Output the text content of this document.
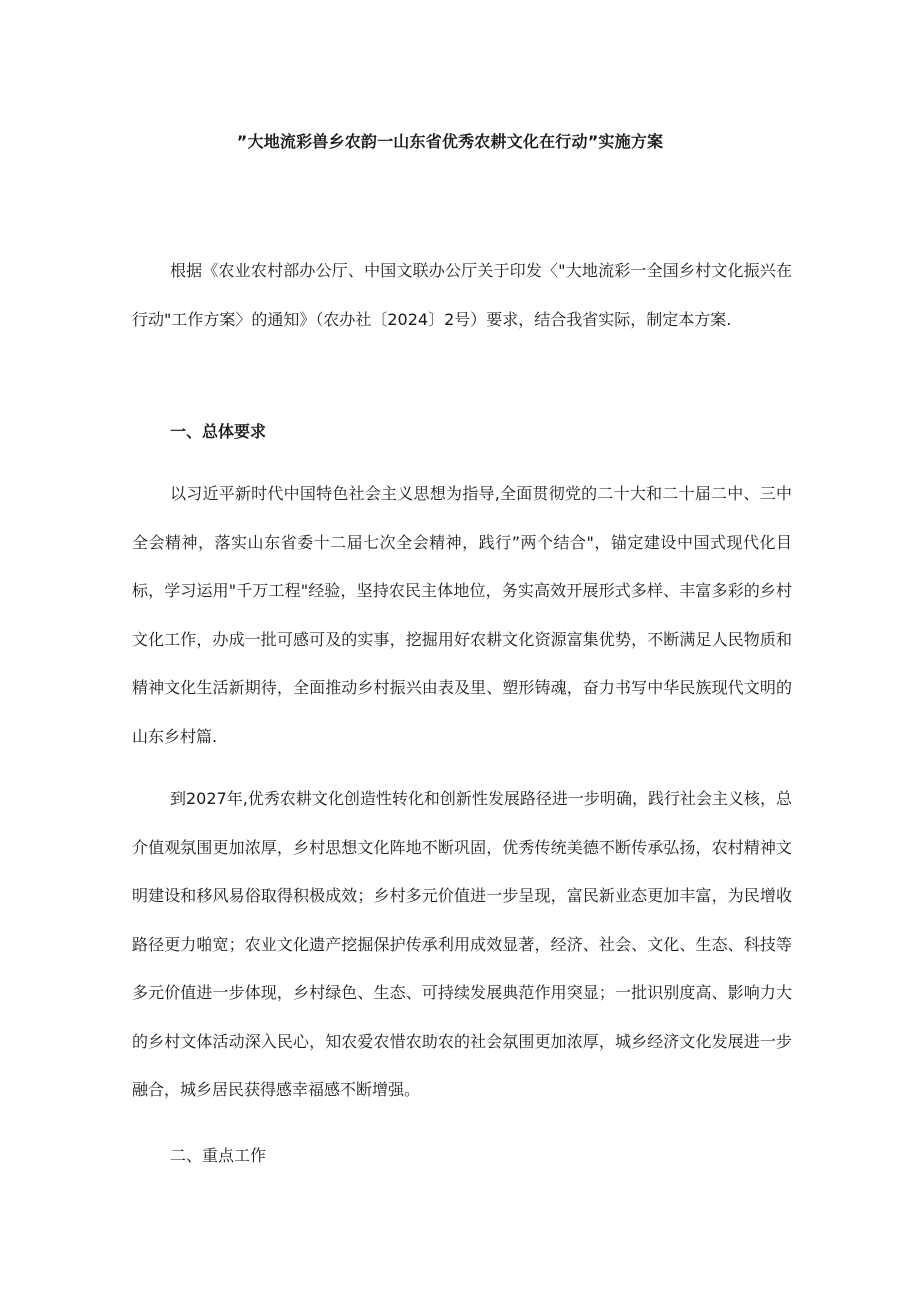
”大地流彩兽乡农韵一山东省优秀农耕文化在行动”实施方案

根据《农业农村部办公厅、中国文联办公厅关于印发〈"大地流彩一全国乡村文化振兴在行动"工作方案〉的通知》（农办社〔2024〕2号）要求，结合我省实际，制定本方案.

一、总体要求

以习近平新时代中国特色社会主义思想为指导,全面贯彻党的二十大和二十届二中、三中全会精神，落实山东省委十二届七次全会精神，践行”两个结合"，锚定建设中国式现代化目标，学习运用"千万工程"经验，坚持农民主体地位，务实高效开展形式多样、丰富多彩的乡村文化工作，办成一批可感可及的实事，挖掘用好农耕文化资源富集优势，不断满足人民物质和精神文化生活新期待，全面推动乡村振兴由表及里、塑形铸魂，奋力书写中华民族现代文明的山东乡村篇.

到2027年,优秀农耕文化创造性转化和创新性发展路径进一步明确，践行社会主义核，总介值观氛围更加浓厚，乡村思想文化阵地不断巩固，优秀传统美德不断传承弘扬，农村精神文明建设和移风易俗取得积极成效；乡村多元价值进一步呈现，富民新业态更加丰富，为民增收路径更力啪宽；农业文化遗产挖掘保护传承利用成效显著，经济、社会、文化、生态、科技等多元价值进一步体现，乡村绿色、生态、可持续发展典范作用突显；一批识别度高、影响力大的乡村文体活动深入民心，知农爱农惜农助农的社会氛围更加浓厚，城乡经济文化发展进一步融合，城乡居民获得感幸福感不断增强。

二、重点工作
